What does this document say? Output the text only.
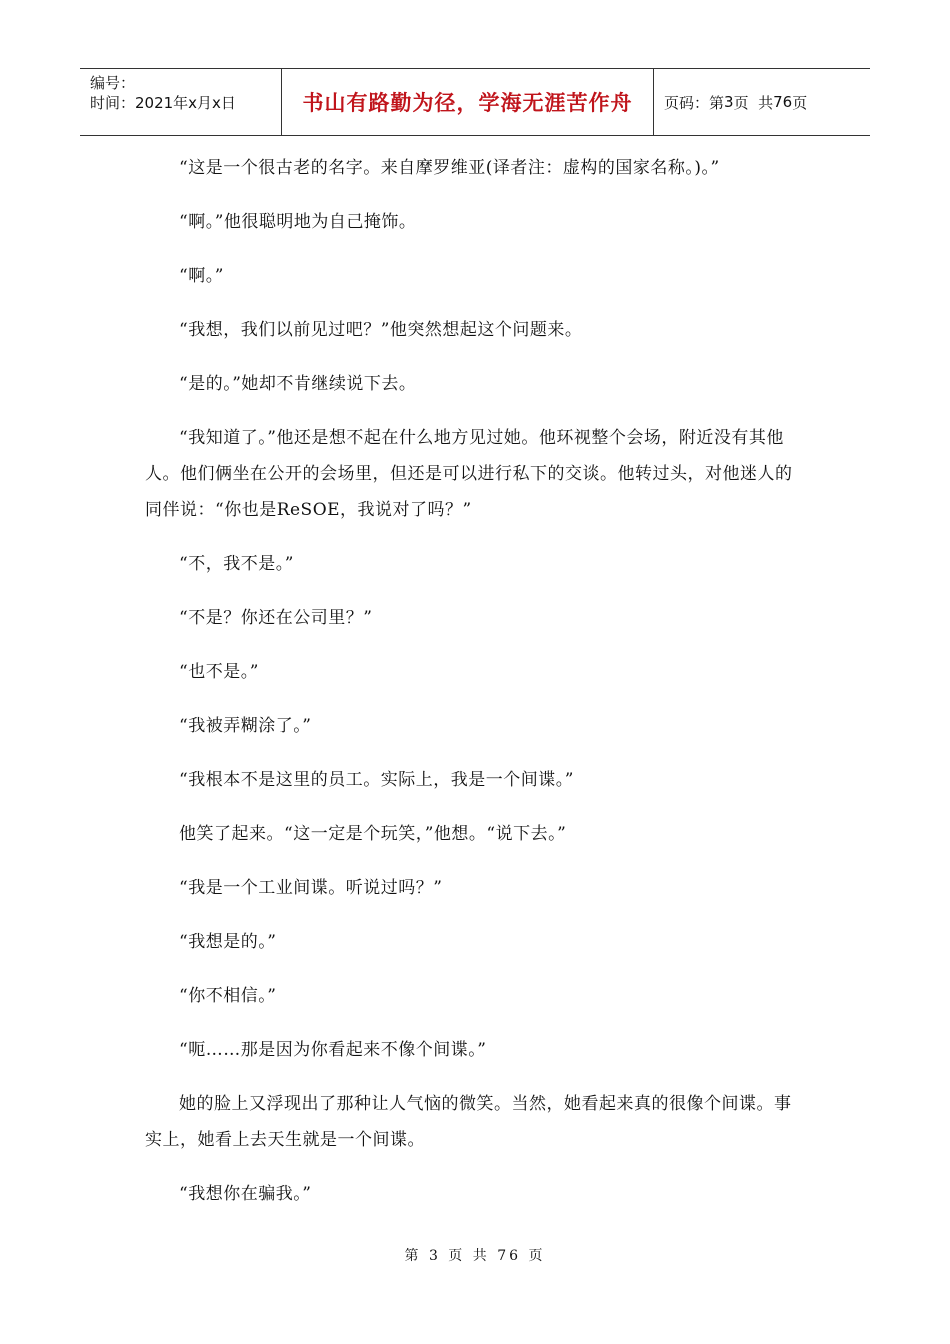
编号：
时间：2021年x月x日	书山有路勤为径，学海无涯苦作舟	页码：第 3 页  共 76 页

“这是一个很古老的名字。来自摩罗维亚(译者注：虚构的国家名称。)。”

“啊。”他很聪明地为自己掩饰。

“啊。”

“我想，我们以前见过吧？”他突然想起这个问题来。

“是的。”她却不肯继续说下去。

“我知道了。”他还是想不起在什么地方见过她。他环视整个会场，附近没有其他人。他们俩坐在公开的会场里，但还是可以进行私下的交谈。他转过头，对他迷人的同伴说：“你也是ReSOE，我说对了吗？”

“不，我不是。”

“不是？你还在公司里？”

“也不是。”

“我被弄糊涂了。”

“我根本不是这里的员工。实际上，我是一个间谍。”

他笑了起来。“这一定是个玩笑，”他想。“说下去。”

“我是一个工业间谍。听说过吗？”

“我想是的。”

“你不相信。”

“呃……那是因为你看起来不像个间谍。”

她的脸上又浮现出了那种让人气恼的微笑。当然，她看起来真的很像个间谍。事实上，她看上去天生就是一个间谍。

“我想你在骗我。”

第 3 页 共 76 页
